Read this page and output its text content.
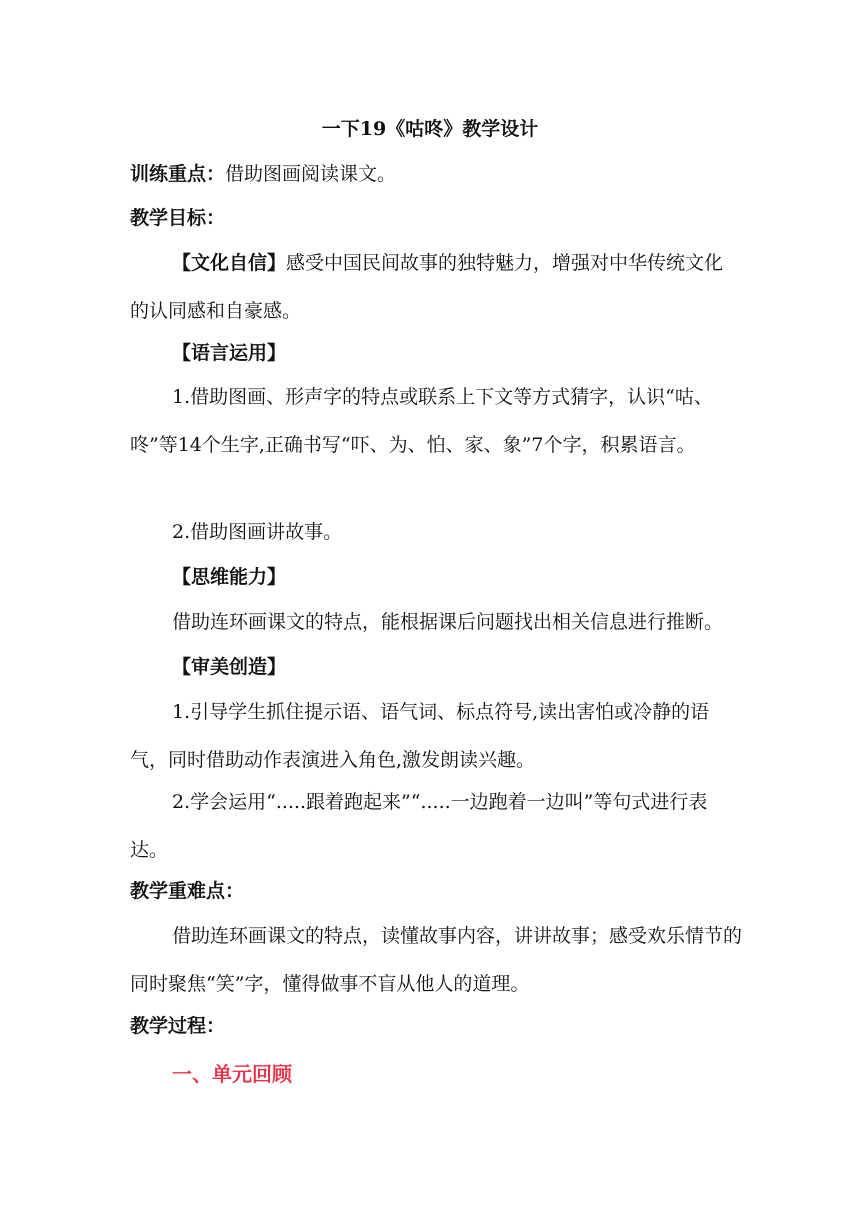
一下19《咕咚》教学设计
训练重点：借助图画阅读课文。
教学目标：
【文化自信】感受中国民间故事的独特魅力，增强对中华传统文化的认同感和自豪感。
【语言运用】
1.借助图画、形声字的特点或联系上下文等方式猜字，认识“咕、咚”等14个生字,正确书写“吓、为、怕、家、象”7个字，积累语言。
2.借助图画讲故事。
【思维能力】
借助连环画课文的特点，能根据课后问题找出相关信息进行推断。
【审美创造】
1.引导学生抓住提示语、语气词、标点符号,读出害怕或冷静的语气，同时借助动作表演进入角色,激发朗读兴趣。
2.学会运用“.....跟着跑起来”“.....一边跑着一边叫”等句式进行表达。
教学重难点：
借助连环画课文的特点，读懂故事内容，讲讲故事；感受欢乐情节的同时聚焦“笑”字，懂得做事不盲从他人的道理。
教学过程：
一、单元回顾
